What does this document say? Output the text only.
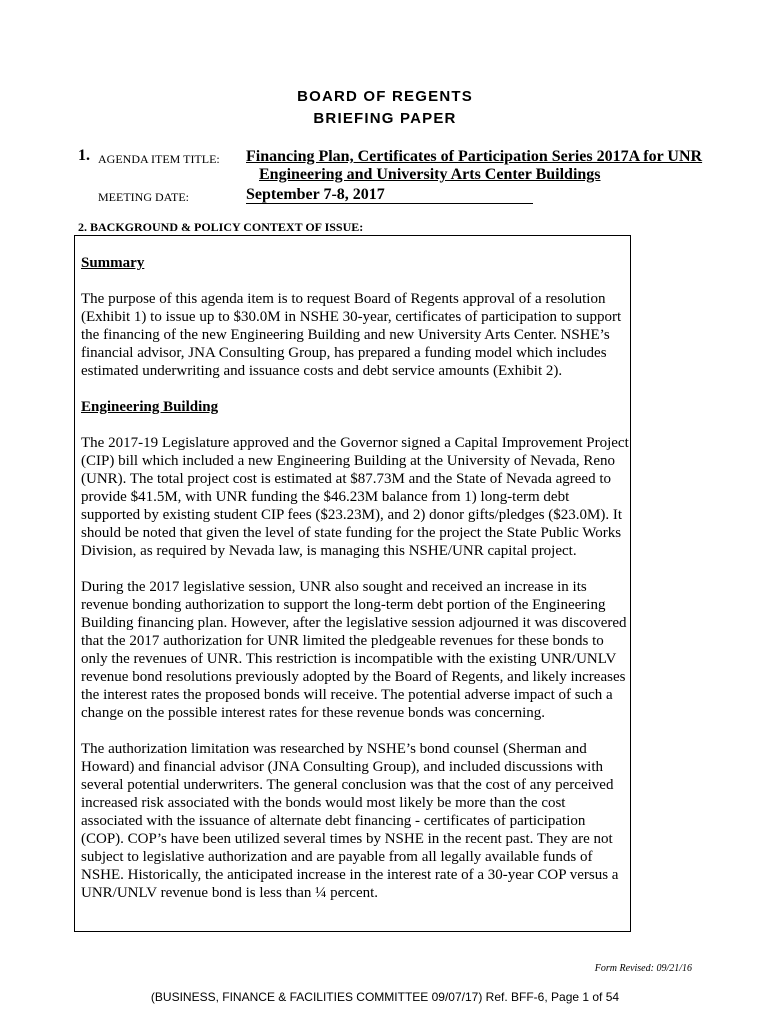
BOARD OF REGENTS
BRIEFING PAPER
1. AGENDA ITEM TITLE: Financing Plan, Certificates of Participation Series 2017A for UNR
Engineering and University Arts Center Buildings
MEETING DATE:	September 7-8, 2017
2. BACKGROUND & POLICY CONTEXT OF ISSUE:
Summary

The purpose of this agenda item is to request Board of Regents approval of a resolution (Exhibit 1) to issue up to $30.0M in NSHE 30-year, certificates of participation to support the financing of the new Engineering Building and new University Arts Center. NSHE’s financial advisor, JNA Consulting Group, has prepared a funding model which includes estimated underwriting and issuance costs and debt service amounts (Exhibit 2).

Engineering Building

The 2017-19 Legislature approved and the Governor signed a Capital Improvement Project (CIP) bill which included a new Engineering Building at the University of Nevada, Reno (UNR). The total project cost is estimated at $87.73M and the State of Nevada agreed to provide $41.5M, with UNR funding the $46.23M balance from 1) long-term debt supported by existing student CIP fees ($23.23M), and 2) donor gifts/pledges ($23.0M). It should be noted that given the level of state funding for the project the State Public Works Division, as required by Nevada law, is managing this NSHE/UNR capital project.

During the 2017 legislative session, UNR also sought and received an increase in its revenue bonding authorization to support the long-term debt portion of the Engineering Building financing plan. However, after the legislative session adjourned it was discovered that the 2017 authorization for UNR limited the pledgeable revenues for these bonds to only the revenues of UNR. This restriction is incompatible with the existing UNR/UNLV revenue bond resolutions previously adopted by the Board of Regents, and likely increases the interest rates the proposed bonds will receive. The potential adverse impact of such a change on the possible interest rates for these revenue bonds was concerning.

The authorization limitation was researched by NSHE’s bond counsel (Sherman and Howard) and financial advisor (JNA Consulting Group), and included discussions with several potential underwriters. The general conclusion was that the cost of any perceived increased risk associated with the bonds would most likely be more than the cost associated with the issuance of alternate debt financing - certificates of participation (COP). COP’s have been utilized several times by NSHE in the recent past. They are not subject to legislative authorization and are payable from all legally available funds of NSHE. Historically, the anticipated increase in the interest rate of a 30-year COP versus a UNR/UNLV revenue bond is less than ¼ percent.

Form Revised: 09/21/16
(BUSINESS, FINANCE & FACILITIES COMMITTEE 09/07/17) Ref. BFF-6, Page 1 of 54
